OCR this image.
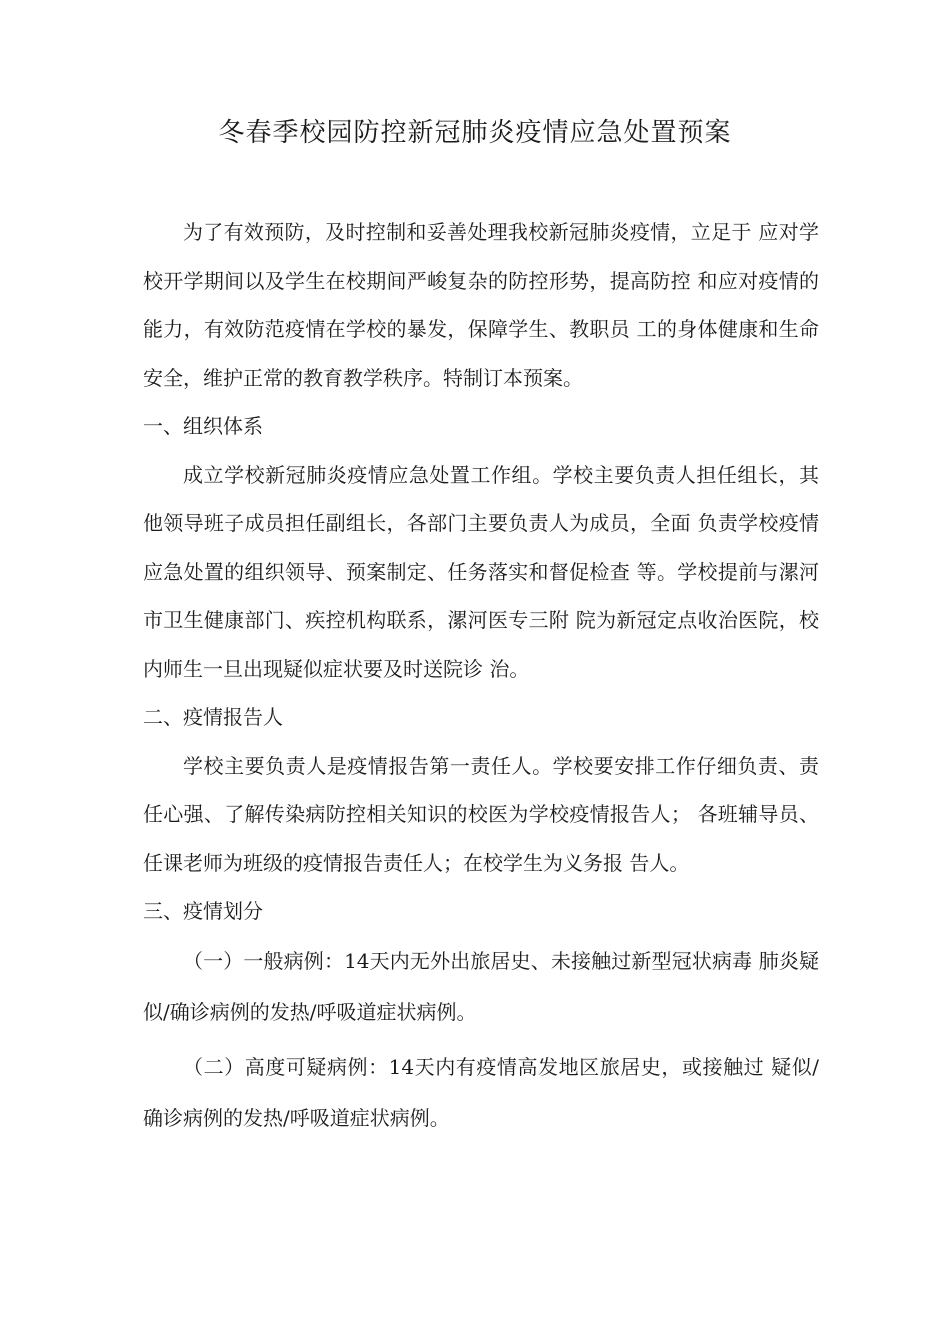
冬春季校园防控新冠肺炎疫情应急处置预案

为了有效预防，及时控制和妥善处理我校新冠肺炎疫情，立足于 应对学校开学期间以及学生在校期间严峻复杂的防控形势，提高防控 和应对疫情的能力，有效防范疫情在学校的暴发，保障学生、教职员 工的身体健康和生命安全，维护正常的教育教学秩序。特制订本预案。

一、组织体系

成立学校新冠肺炎疫情应急处置工作组。学校主要负责人担任组长，其他领导班子成员担任副组长，各部门主要负责人为成员，全面 负责学校疫情应急处置的组织领导、预案制定、任务落实和督促检查 等。学校提前与漯河市卫生健康部门、疾控机构联系，漯河医专三附 院为新冠定点收治医院，校内师生一旦出现疑似症状要及时送院诊 治。

二、疫情报告人

学校主要负责人是疫情报告第一责任人。学校要安排工作仔细负责、责任心强、了解传染病防控相关知识的校医为学校疫情报告人； 各班辅导员、任课老师为班级的疫情报告责任人；在校学生为义务报 告人。

三、疫情划分

（一）一般病例：14天内无外出旅居史、未接触过新型冠状病毒 肺炎疑似/确诊病例的发热/呼吸道症状病例。

（二）高度可疑病例：14天内有疫情高发地区旅居史，或接触过 疑似/确诊病例的发热/呼吸道症状病例。
